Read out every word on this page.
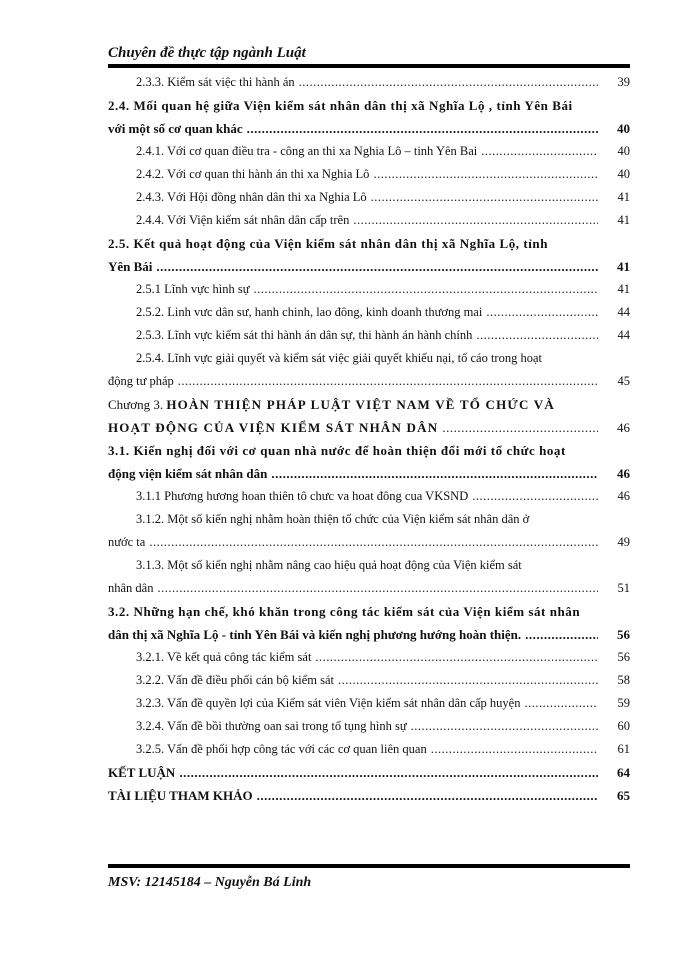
Chuyên đề thực tập ngành Luật
2.3.3. Kiểm sát việc thi hành án .....	39
2.4. Mối quan hệ giữa Viện kiểm sát nhân dân thị xã Nghĩa Lộ , tỉnh Yên Bái
với một số cơ quan khác .....	40
2.4.1. Với cơ quan điều tra - công an thi xa Nghia Lô – tinh Yên Bai .....	40
2.4.2. Với cơ quan thi hành án thi xa Nghia Lô .....	40
2.4.3. Với Hội đồng nhân dân thi xa Nghia Lô .....	41
2.4.4. Với Viện kiểm sát nhân dân cấp trên .....	41
2.5. Kết quả hoạt động của Viện kiểm sát nhân dân thị xã Nghĩa Lộ, tỉnh
Yên Bái .....	41
2.5.1 Lĩnh vực hình sự .....	41
2.5.2. Linh vưc dân sư, hanh chinh, lao đông, kinh doanh thương mai .....	44
2.5.3. Lĩnh vực kiểm sát thi hành án dân sự, thi hành án hành chính .....	44
2.5.4. Lĩnh vực giải quyết và kiểm sát việc giải quyết khiếu nại, tố cáo trong hoạt
động tư pháp .....	45
Chương 3.
HOÀN THIỆN PHÁP LUẬT VIỆT NAM VỀ TỔ CHỨC VÀ
HOẠT ĐỘNG CỦA VIỆN KIỂM SÁT NHÂN DÂN .....	46
3.1. Kiến nghị đối với cơ quan nhà nước để hoàn thiện đổi mới tổ chức hoạt
động viện kiểm sát nhân dân .....	46
3.1.1 Phương hương hoan thiên tô chưc va hoat đông cua VKSND .....	46
3.1.2. Một số kiến nghị nhằm hoàn thiện tổ chức của Viện kiểm sát nhân dân ở
nước ta .....	49
3.1.3. Một số kiến nghị nhằm nâng cao hiệu quả hoạt động của Viện kiểm sát
nhân dân .....	51
3.2. Những hạn chế, khó khăn trong công tác kiểm sát của Viện kiểm sát nhân
dân thị xã Nghĩa Lộ - tỉnh Yên Bái và kiến nghị phương hướng hoàn thiện. .....	56
3.2.1. Về kết quả công tác kiểm sát .....	56
3.2.2. Vấn đề điều phối cán bộ kiểm sát .....	58
3.2.3. Vấn đề quyền lợi của Kiểm sát viên Viện kiểm sát nhân dân cấp huyện .....	59
3.2.4. Vấn đề bồi thường oan sai trong tố tụng hình sự .....	60
3.2.5. Vấn đề phối hợp công tác với các cơ quan liên quan .....	61
KẾT LUẬN .....	64
TÀI LIỆU THAM KHẢO .....	65
MSV: 12145184 – Nguyễn Bá Linh
